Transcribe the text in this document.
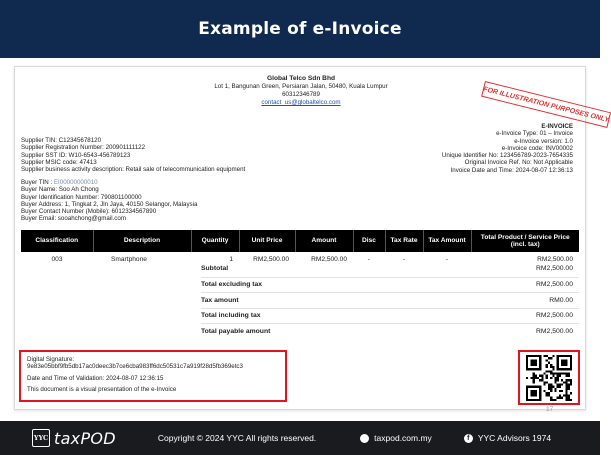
Example of e-Invoice
FOR ILLUSTRATION PURPOSES ONLY
Global Telco Sdn Bhd
Lot 1, Bangunan Green, Persiaran Jalan, 50480, Kuala Lumpur
60312346789
contact_us@globaltelco.com
Supplier TIN: C12345678120
Supplier Registration Number: 200901111122
Supplier SST ID: W10-6543-456789123
Supplier MSIC code: 47413
Supplier business activity description: Retail sale of telecommunication equipment
E-INVOICE
e-Invoice Type: 01 – Invoice
e-Invoice version: 1.0
e-Invoice code: INV00002
Unique Identifier No: 123456789-2023-7654335
Original Invoice Ref. No: Not Applicable
Invoice Date and Time: 2024-08-07 12:36:13
Buyer TIN : EI00000000010
Buyer Name: Soo Ah Chong
Buyer Identification Number: 790801100000
Buyer Address: 1, Tingkat 2, Jln Jaya, 40150 Selangor, Malaysia
Buyer Contact Number (Mobile): 6012334567890
Buyer Email: sooahchong@gmail.com
Classification	Description	Quantity	Unit Price	Amount	Disc	Tax Rate	Tax Amount	Total Product / Service Price (incl. tax)
003	Smartphone	1	RM2,500.00	RM2,500.00	-	-	-	RM2,500.00
Subtotal	RM2,500.00
Total excluding tax	RM2,500.00
Tax amount	RM0.00
Total including tax	RM2,500.00
Total payable amount	RM2,500.00
Digital Signature:
9e83e05bbf9fb5db17ac0deec3b7ce6cba983ff6dc50531c7a919f28d5fb369etc3
Date and Time of Validation: 2024-08-07 12:36:15
This document is a visual presentation of the e-Invoice
17
YYC taxPOD	Copyright © 2024 YYC All rights reserved.	taxpod.com.my	f YYC Advisors 1974
